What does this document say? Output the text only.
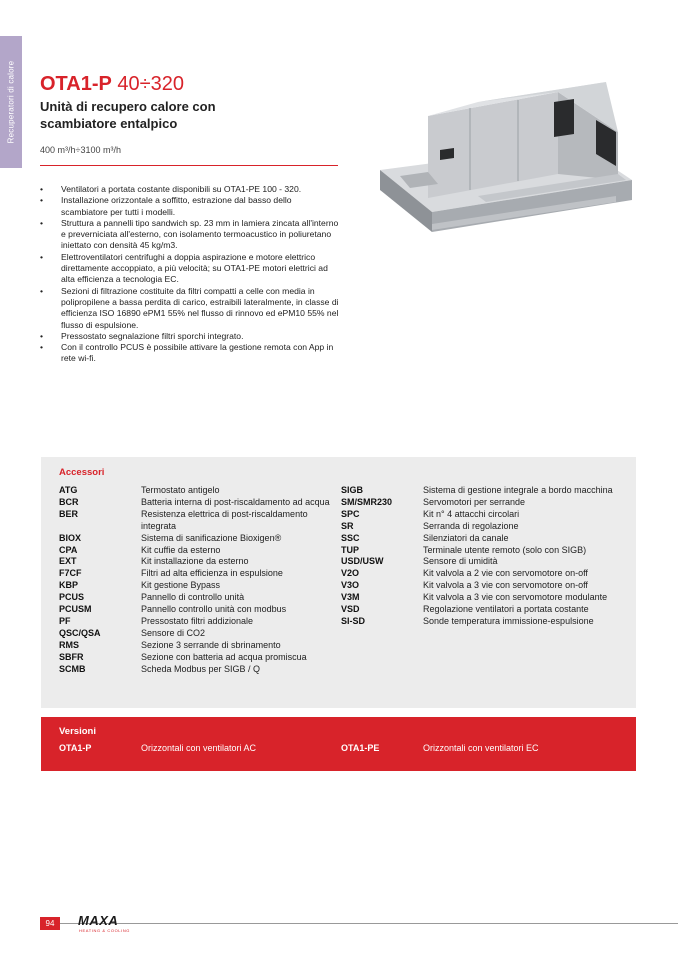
Recuperatori di calore OTA1-P 40÷320
Unità di recupero calore con scambiatore entalpico
400 m³/h÷3100 m³/h
• Ventilatori a portata costante disponibili su OTA1-PE 100 - 320.
• Installazione orizzontale a soffitto, estrazione dal basso dello scambiatore per tutti i modelli.
• Struttura a pannelli tipo sandwich sp. 23 mm in lamiera zincata all'interno e preverniciata all'esterno, con isolamento termoacustico in poliuretano iniettato con densità 45 kg/m3.
• Elettroventilatori centrifughi a doppia aspirazione e motore elettrico direttamente accoppiato, a più velocità; su OTA1-PE motori elettrici ad alta efficienza a tecnologia EC.
• Sezioni di filtrazione costituite da filtri compatti a celle con media in polipropilene a bassa perdita di carico, estraibili lateralmente, in classe di efficienza ISO 16890 ePM1 55% nel flusso di rinnovo ed ePM10 55% nel flusso di espulsione.
• Pressostato segnalazione filtri sporchi integrato.
• Con il controllo PCUS è possibile attivare la gestione remota con App in rete wi-fi.
Accessori
ATG	Termostato antigelo
BCR	Batteria interna di post-riscaldamento ad acqua
BER	Resistenza elettrica di post-riscaldamento integrata
BIOX	Sistema di sanificazione Bioxigen®
CPA	Kit cuffie da esterno
EXT	Kit installazione da esterno
F7CF	Filtri ad alta efficienza in espulsione
KBP	Kit gestione Bypass
PCUS	Pannello di controllo unità
PCUSM	Pannello controllo unità con modbus
PF	Pressostato filtri addizionale
QSC/QSA	Sensore di CO2
RMS	Sezione 3 serrande di sbrinamento
SBFR	Sezione con batteria ad acqua promiscua
SCMB	Scheda Modbus per SIGB / Q
SIGB	Sistema di gestione integrale a bordo macchina
SM/SMR230	Servomotori per serrande
SPC	Kit n° 4 attacchi circolari
SR	Serranda di regolazione
SSC	Silenziatori da canale
TUP	Terminale utente remoto (solo con SIGB)
USD/USW	Sensore di umidità
V2O	Kit valvola a 2 vie con servomotore on-off
V3O	Kit valvola a 3 vie con servomotore on-off
V3M	Kit valvola a 3 vie con servomotore modulante
VSD	Regolazione ventilatori a portata costante
SI-SD	Sonde temperatura immissione-espulsione
Versioni
OTA1-P	Orizzontali con ventilatori AC	OTA1-PE	Orizzontali con ventilatori EC
94	MAXA
HEATING & COOLING
